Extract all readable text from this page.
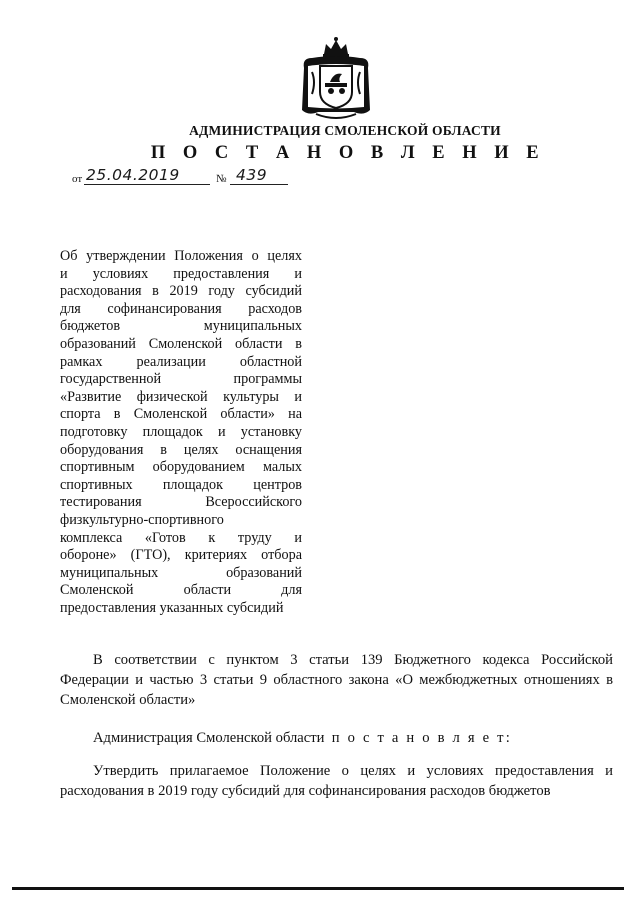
АДМИНИСТРАЦИЯ СМОЛЕНСКОЙ ОБЛАСТИ
П О С Т А Н О В Л Е Н И Е
от 25.04.2019	№ 439
Об утверждении Положения о целях
и условиях предоставления и
расходования в 2019 году субсидий
для софинансирования расходов
бюджетов муниципальных
образований Смоленской области в
рамках реализации областной
государственной программы
«Развитие физической культуры и
спорта в Смоленской области» на
подготовку площадок и установку
оборудования в целях оснащения
спортивным оборудованием малых
спортивных площадок центров
тестирования Всероссийского
физкультурно-спортивного
комплекса «Готов к труду и
обороне» (ГТО), критериях отбора
муниципальных образований
Смоленской области для
предоставления указанных субсидий

В соответствии с пунктом 3 статьи 139 Бюджетного кодекса Российской Федерации и частью 3 статьи 9 областного закона «О межбюджетных отношениях в Смоленской области»

Администрация Смоленской области п о с т а н о в л я е т:

Утвердить прилагаемое Положение о целях и условиях предоставления и расходования в 2019 году субсидий для софинансирования расходов бюджетов
